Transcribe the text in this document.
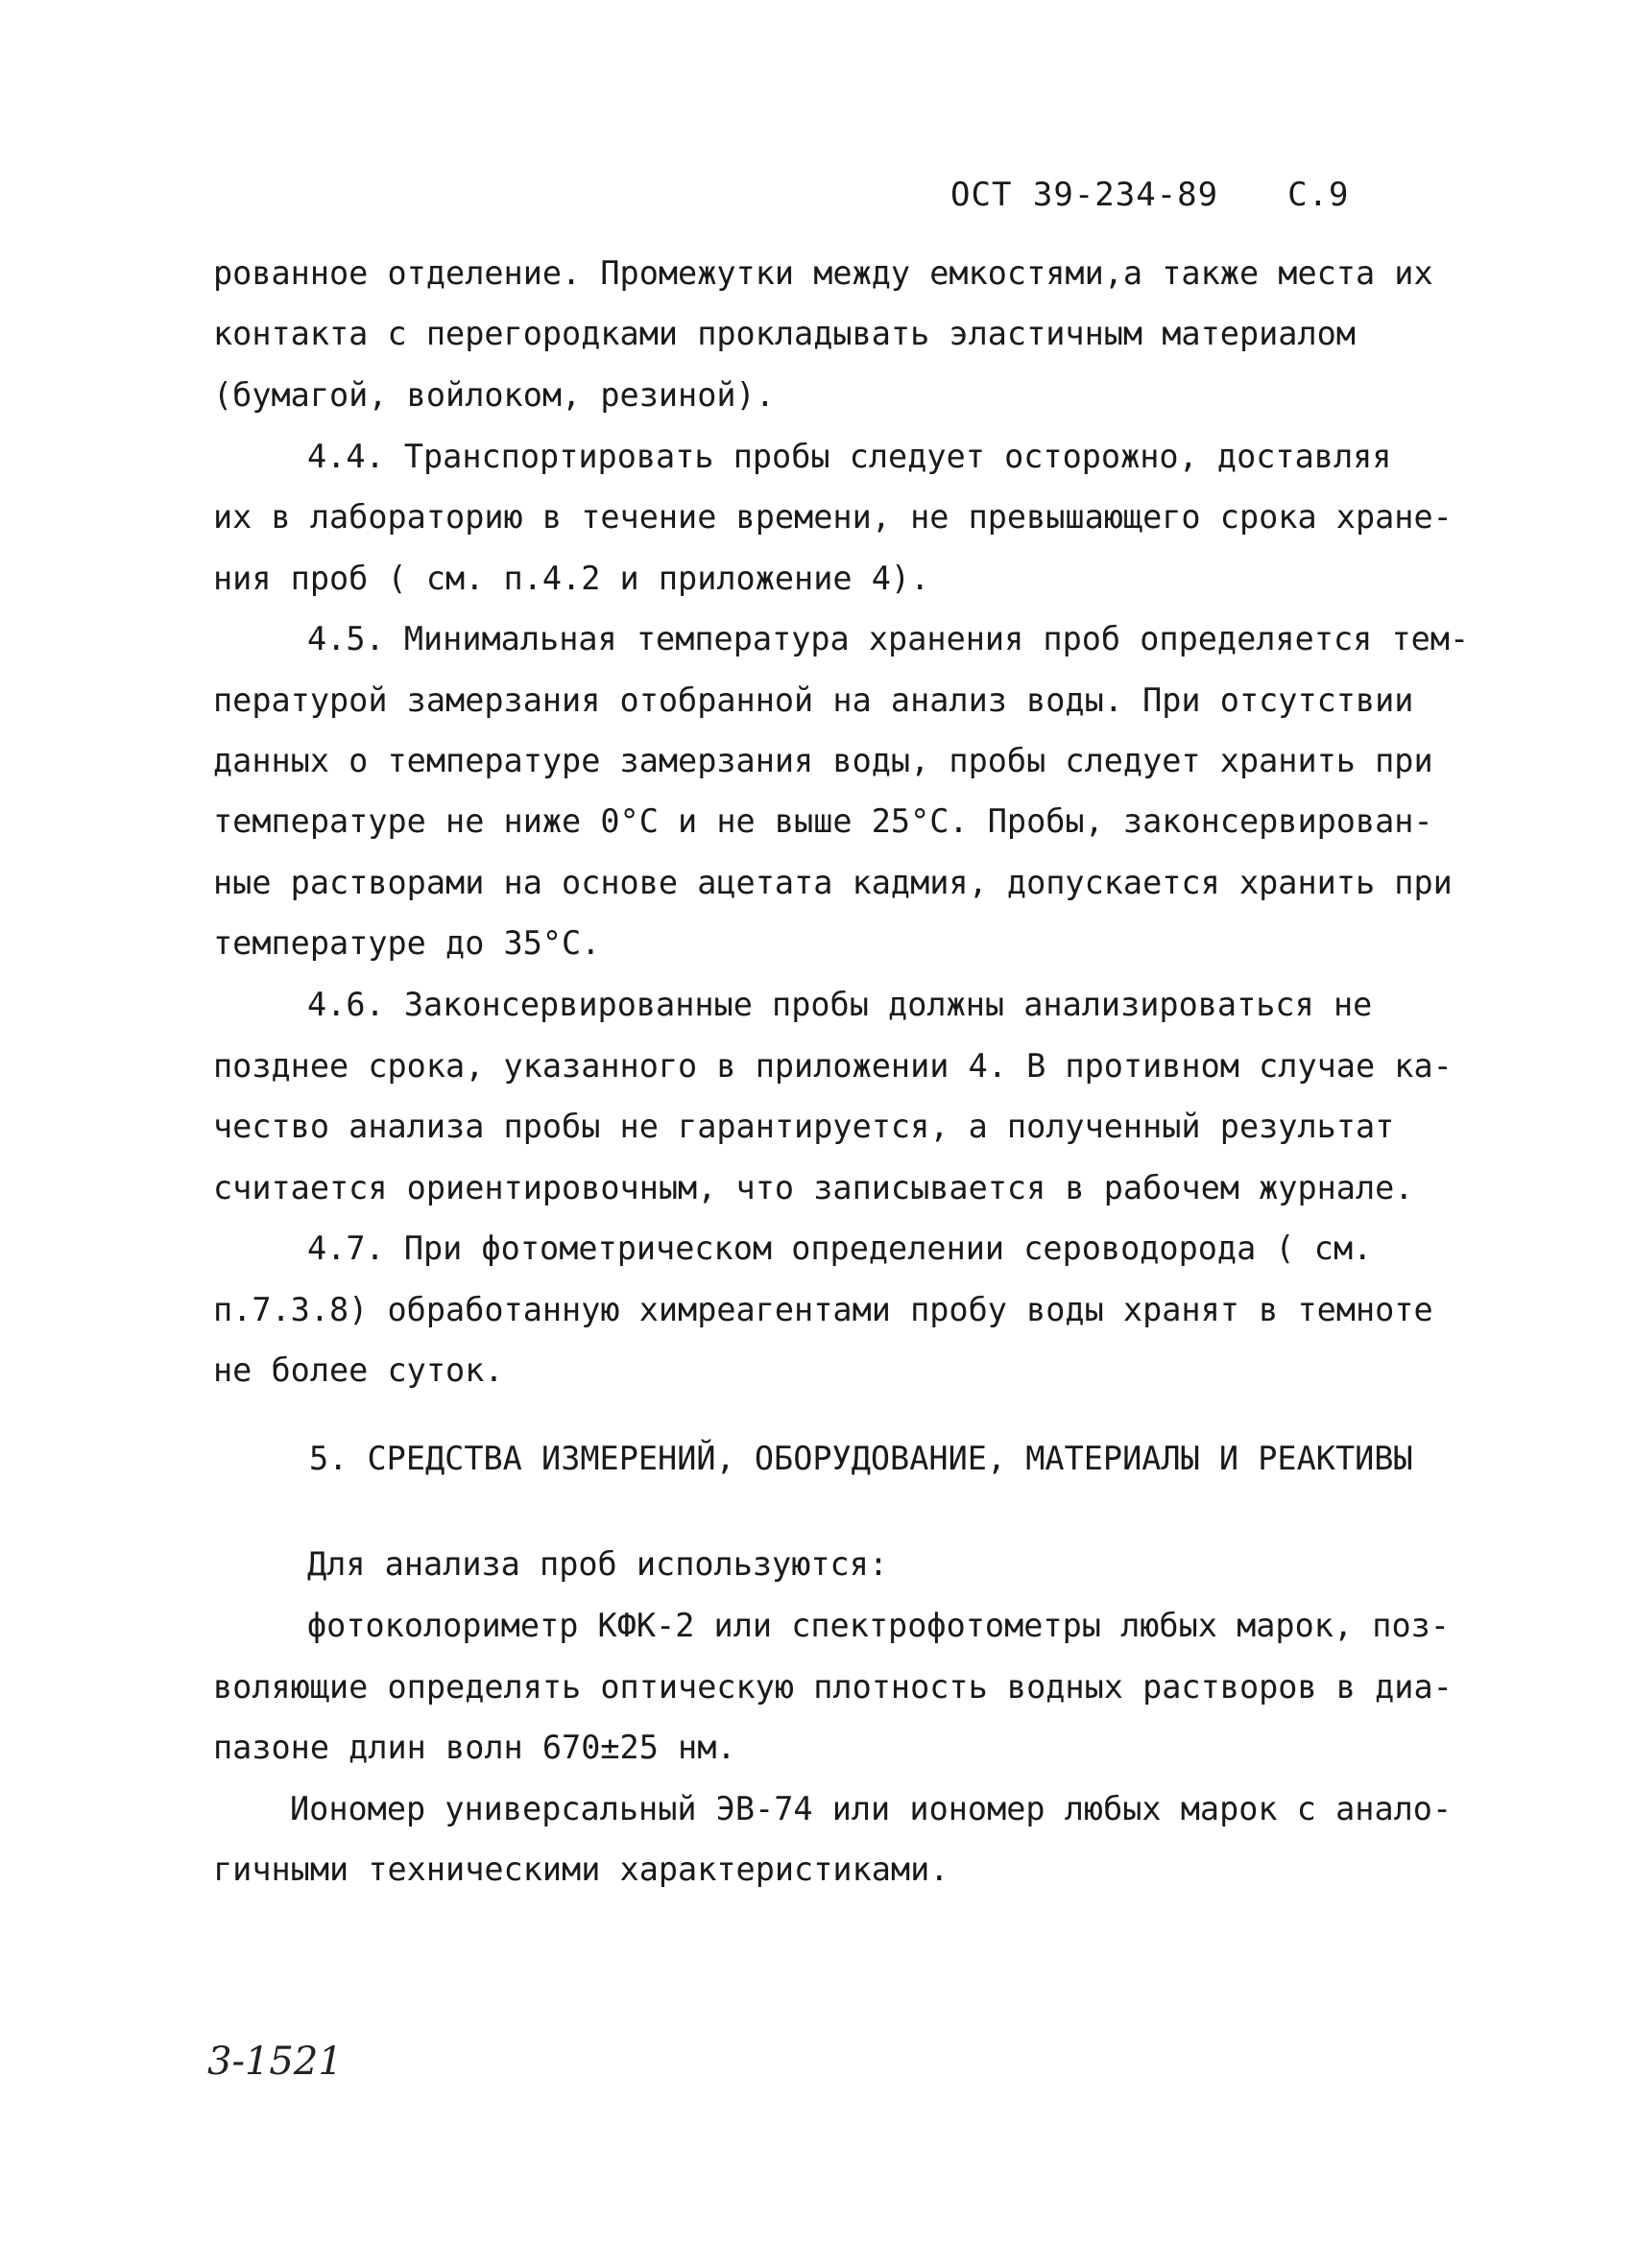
ОСТ 39-234-89 С.9
рованное отделение. Промежутки между емкостями,а также места их
контакта с перегородками прокладывать эластичным материалом
(бумагой, войлоком, резиной).
4.4. Транспортировать пробы следует осторожно, доставляя
их в лабораторию в течение времени, не превышающего срока хране-
ния проб ( см. п.4.2 и приложение 4).
4.5. Минимальная температура хранения проб определяется тем-
пературой замерзания отобранной на анализ воды. При отсутствии
данных о температуре замерзания воды, пробы следует хранить при
температуре не ниже 0°С и не выше 25°С. Пробы, законсервирован-
ные растворами на основе ацетата кадмия, допускается хранить при
температуре до 35°С.
4.6. Законсервированные пробы должны анализироваться не
позднее срока, указанного в приложении 4. В противном случае ка-
чество анализа пробы не гарантируется, а полученный результат
считается ориентировочным, что записывается в рабочем журнале.
4.7. При фотометрическом определении сероводорода ( см.
п.7.3.8) обработанную химреагентами пробу воды хранят в темноте
не более суток.
5. СРЕДСТВА ИЗМЕРЕНИЙ, ОБОРУДОВАНИЕ, МАТЕРИАЛЫ И РЕАКТИВЫ
Для анализа проб используются:
фотоколориметр КФК-2 или спектрофотометры любых марок, поз-
воляющие определять оптическую плотность водных растворов в диа-
пазоне длин волн 670±25 нм.
Иономер универсальный ЭВ-74 или иономер любых марок с анало-
гичными техническими характеристиками.
3-1521
